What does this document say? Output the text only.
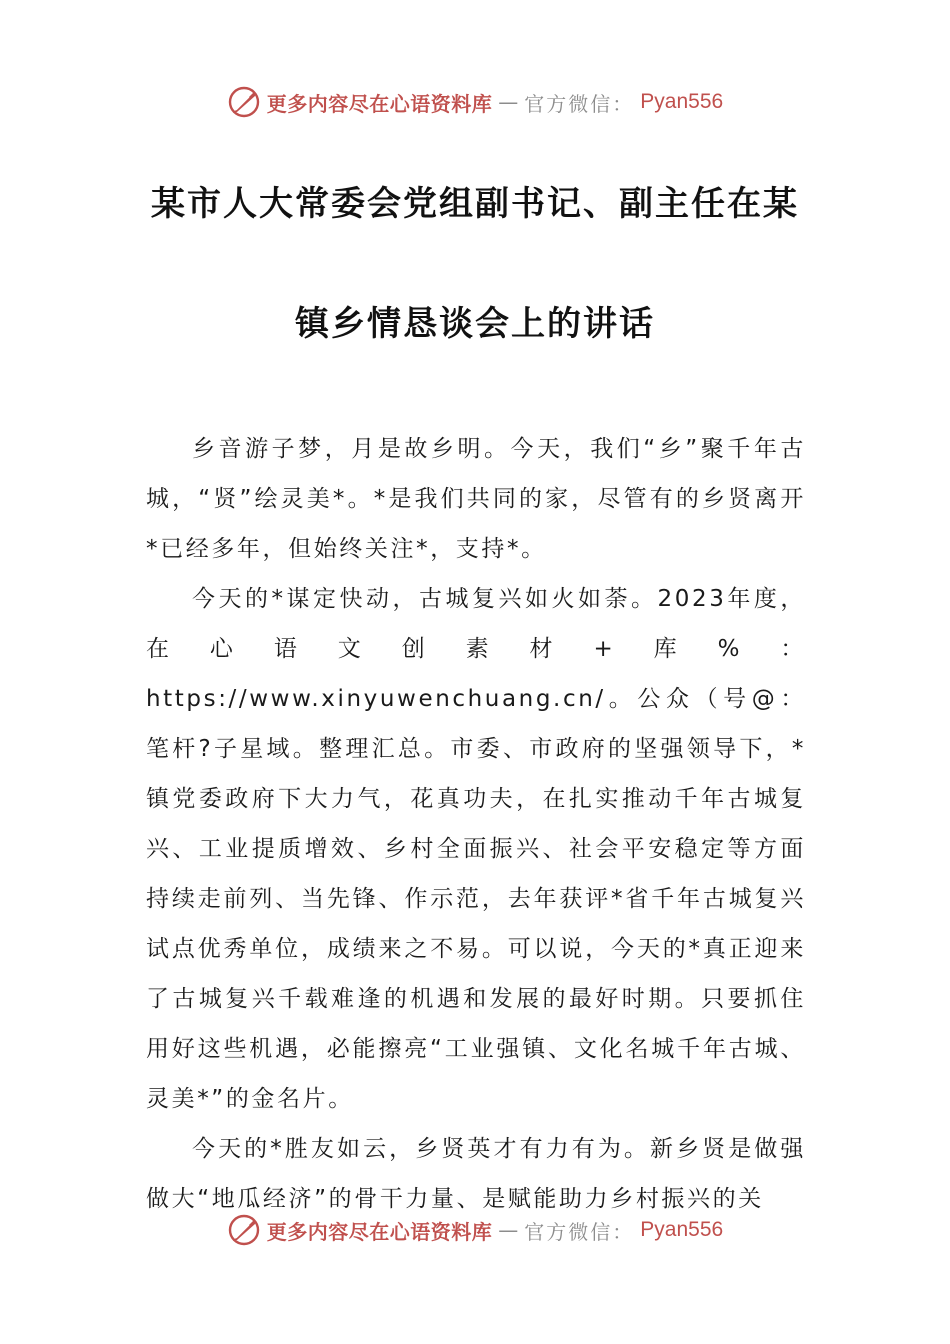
更多内容尽在心语资料库 — 官方微信： Pyan556
某市人大常委会党组副书记、副主任在某
镇乡情恳谈会上的讲话

乡音游子梦，月是故乡明。今天，我们“乡”聚千年古城，“贤”绘灵美*。*是我们共同的家，尽管有的乡贤离开*已经多年，但始终关注*，支持*。

今天的*谋定快动，古城复兴如火如荼。2023年度，在心语文创素材+库%：https://www.xinyuwenchuang.cn/。公众（号@：笔杆?子星域。整理汇总。市委、市政府的坚强领导下，*镇党委政府下大力气，花真功夫，在扎实推动千年古城复兴、工业提质增效、乡村全面振兴、社会平安稳定等方面持续走前列、当先锋、作示范，去年获评*省千年古城复兴试点优秀单位，成绩来之不易。可以说，今天的*真正迎来了古城复兴千载难逢的机遇和发展的最好时期。只要抓住用好这些机遇，必能擦亮“工业强镇、文化名城千年古城、灵美*”的金名片。

今天的*胜友如云，乡贤英才有力有为。新乡贤是做强做大“地瓜经济”的骨干力量、是赋能助力乡村振兴的关

更多内容尽在心语资料库 — 官方微信： Pyan556
